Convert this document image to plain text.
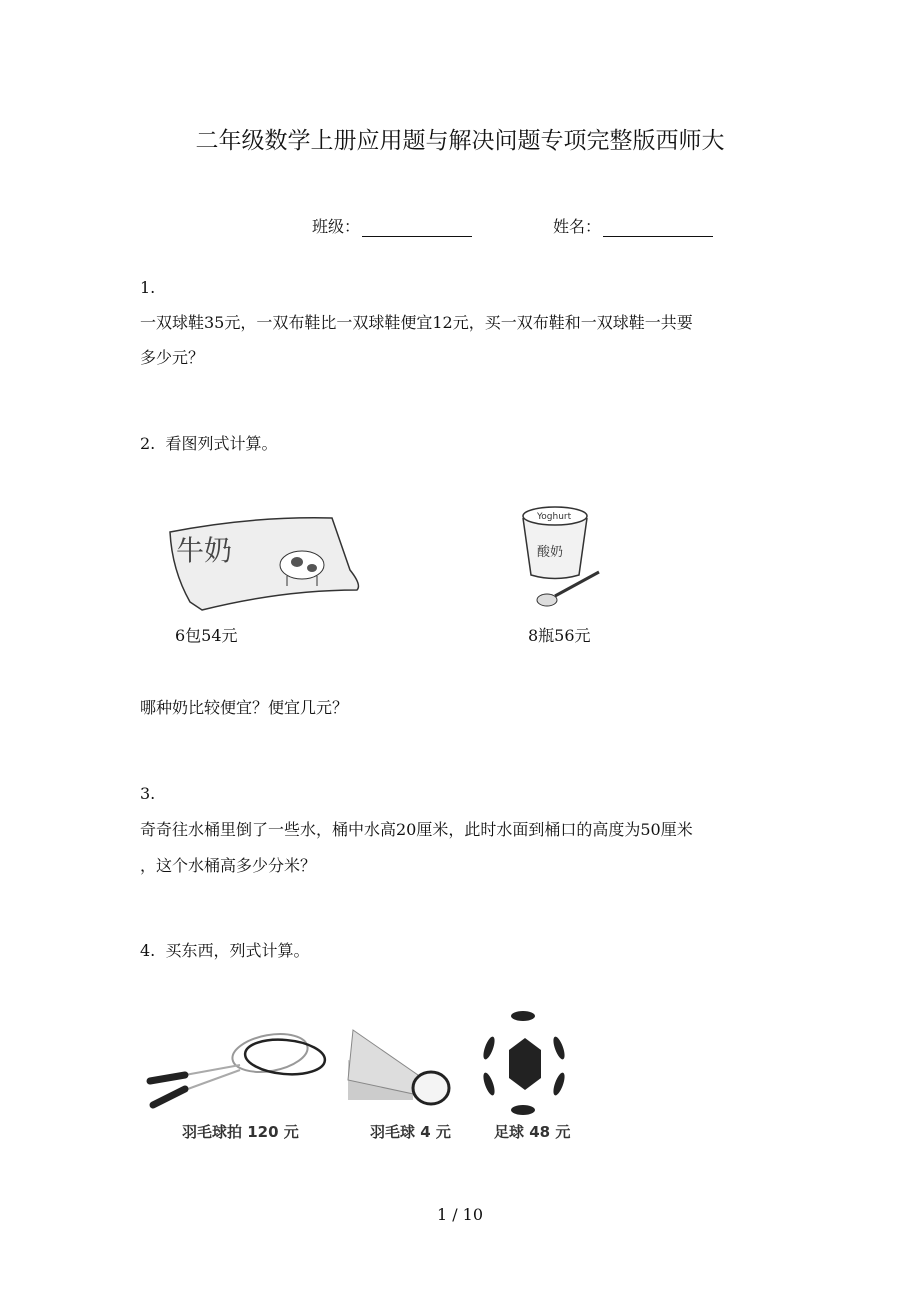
二年级数学上册应用题与解决问题专项完整版西师大
班级：	姓名：
1.
一双球鞋35元，一双布鞋比一双球鞋便宜12元，买一双布鞋和一双球鞋一共要
多少元？
2. 看图列式计算。
牛奶
Yoghurt
酸奶
6包54元	8瓶56元
哪种奶比较便宜？便宜几元？
3.
奇奇往水桶里倒了一些水，桶中水高20厘米，此时水面到桶口的高度为50厘米
，这个水桶高多少分米？
4. 买东西，列式计算。
羽毛球拍 120 元	羽毛球 4 元	足球 48 元
1 / 10
